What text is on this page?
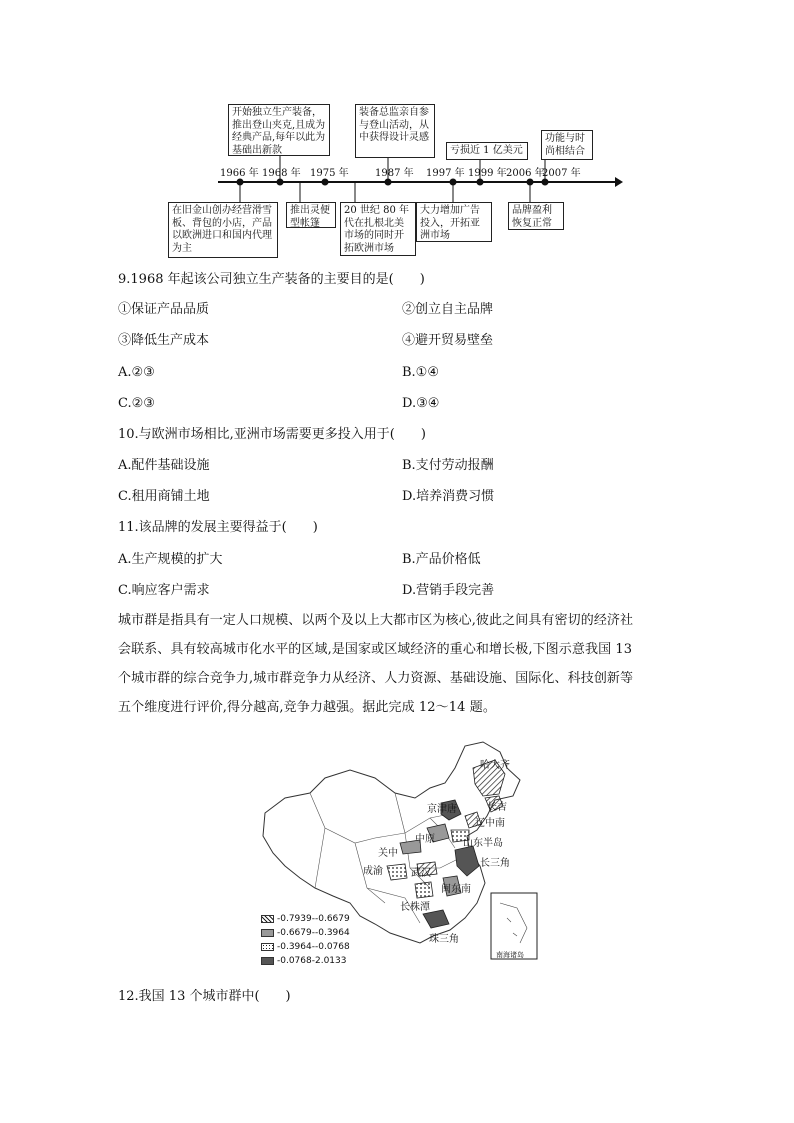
1966 年 1968 年 1975 年	1987 年 1997 年 1999 年 2006 年
2007 年
开始独立生产装备，推出登山夹克,且成为经典产品,每年以此为基础出新款
装备总监亲自参与登山活动，从中获得设计灵感
亏损近 1 亿美元
功能与时尚相结合
在旧金山创办经营滑雪板、背包的小店，产品以欧洲进口和国内代理为主
推出灵便型帐篷
20 世纪 80 年代在扎根北美市场的同时开拓欧洲市场
大力增加广告投入，开拓亚洲市场
品牌盈利恢复正常
9.1968 年起该公司独立生产装备的主要目的是(　　)
①保证产品品质	②创立自主品牌
③降低生产成本	④避开贸易壁垒
A.②③	B.①④
C.②③	D.③④
10.与欧洲市场相比,亚洲市场需要更多投入用于(　　)
A.配件基础设施	B.支付劳动报酬
C.租用商铺土地	D.培养消费习惯
11.该品牌的发展主要得益于(　　)
A.生产规模的扩大	B.产品价格低
C.响应客户需求	D.营销手段完善
城市群是指具有一定人口规模、以两个及以上大都市区为核心,彼此之间具有密切的经济社
会联系、具有较高城市化水平的区域,是国家或区域经济的重心和增长极,下图示意我国 13
个城市群的综合竞争力,城市群竞争力从经济、人力资源、基础设施、国际化、科技创新等
五个维度进行评价,得分越高,竞争力越强。据此完成 12～14 题。
哈大齐
长吉
京津唐
辽中南
中原	山东半岛
关中
长三角
成渝	武汉
闽东南
长株潭
珠三角
南海诸岛
-0.7939--0.6679
-0.6679--0.3964
-0.3964--0.0768
-0.0768-2.0133
12.我国 13 个城市群中(　　)
